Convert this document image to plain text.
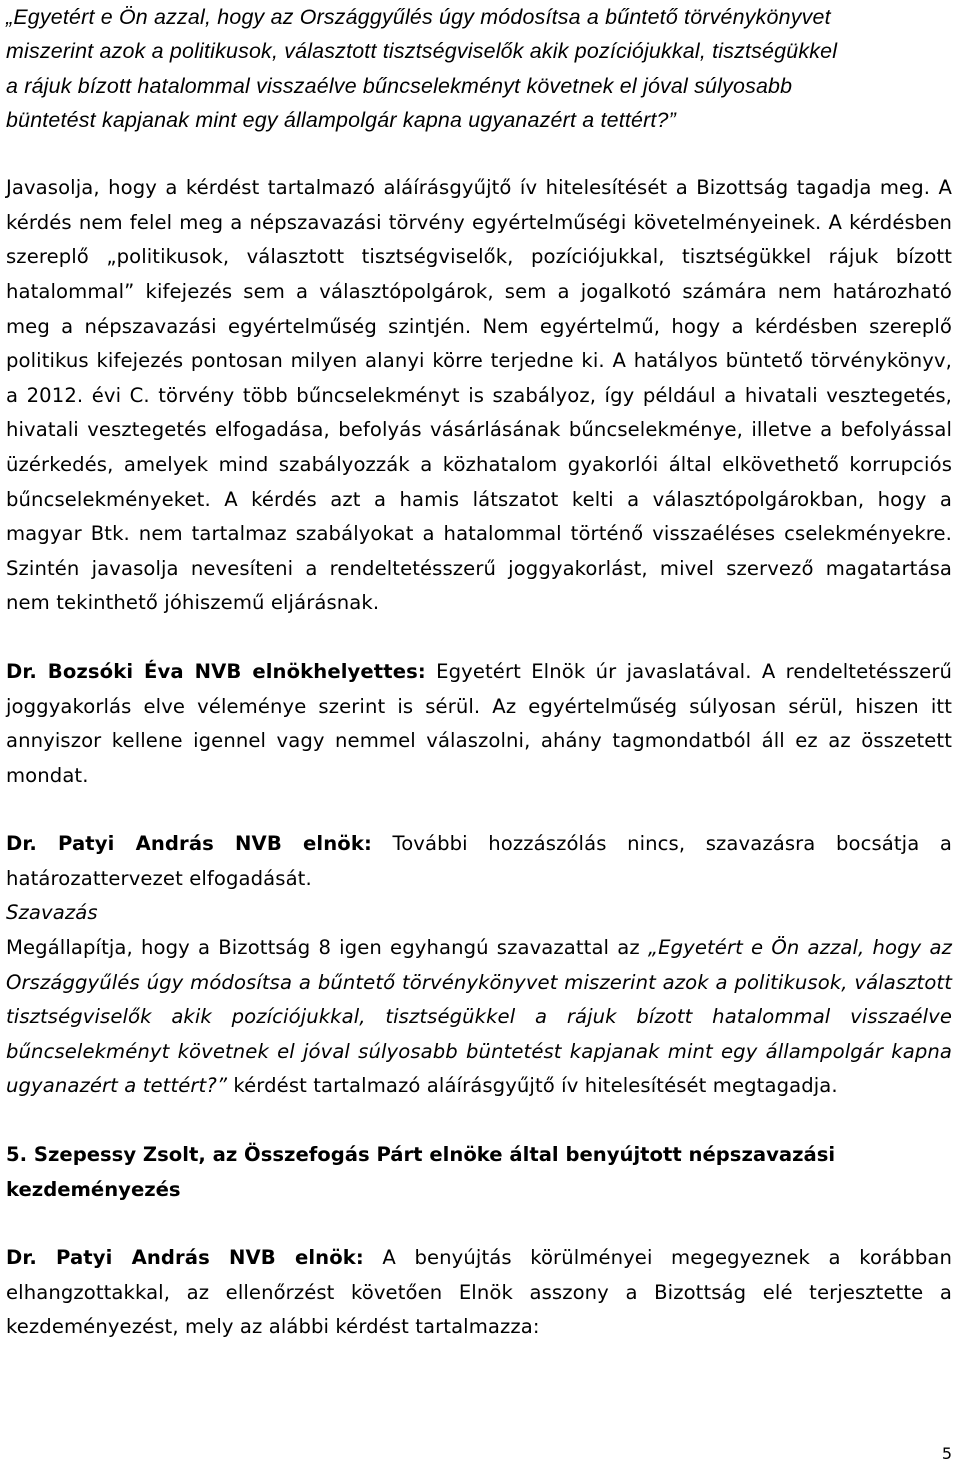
„Egyetért e Ön azzal, hogy az Országgyűlés úgy módosítsa a bűntető törvénykönyvet
miszerint azok a politikusok, választott tisztségviselők akik pozíciójukkal, tisztségükkel
a rájuk bízott hatalommal visszaélve bűncselekményt követnek el jóval súlyosabb
büntetést kapjanak mint egy állampolgár kapna ugyanazért a tettért?”

Javasolja, hogy a kérdést tartalmazó aláírásgyűjtő ív hitelesítését a Bizottság tagadja meg. A kérdés nem felel meg a népszavazási törvény egyértelműségi követelményeinek. A kérdésben szereplő „politikusok, választott tisztségviselők, pozíciójukkal, tisztségükkel rájuk bízott hatalommal” kifejezés sem a választópolgárok, sem a jogalkotó számára nem határozható meg a népszavazási egyértelműség szintjén. Nem egyértelmű, hogy a kérdésben szereplő politikus kifejezés pontosan milyen alanyi körre terjedne ki. A hatályos büntető törvénykönyv, a 2012. évi C. törvény több bűncselekményt is szabályoz, így például a hivatali vesztegetés, hivatali vesztegetés elfogadása, befolyás vásárlásának bűncselekménye, illetve a befolyással üzérkedés, amelyek mind szabályozzák a közhatalom gyakorlói által elkövethető korrupciós bűncselekményeket. A kérdés azt a hamis látszatot kelti a választópolgárokban, hogy a magyar Btk. nem tartalmaz szabályokat a hatalommal történő visszaéléses cselekményekre. Szintén javasolja nevesíteni a rendeltetésszerű joggyakorlást, mivel szervező magatartása nem tekinthető jóhiszemű eljárásnak.

Dr. Bozsóki Éva NVB elnökhelyettes: Egyetért Elnök úr javaslatával. A rendeltetésszerű joggyakorlás elve véleménye szerint is sérül. Az egyértelműség súlyosan sérül, hiszen itt annyiszor kellene igennel vagy nemmel válaszolni, ahány tagmondatból áll ez az összetett mondat.

Dr. Patyi András NVB elnök: További hozzászólás nincs, szavazásra bocsátja a határozattervezet elfogadását.

Szavazás

Megállapítja, hogy a Bizottság 8 igen egyhangú szavazattal az „Egyetért e Ön azzal, hogy az Országgyűlés úgy módosítsa a bűntető törvénykönyvet miszerint azok a politikusok, választott tisztségviselők akik pozíciójukkal, tisztségükkel a rájuk bízott hatalommal visszaélve bűncselekményt követnek el jóval súlyosabb büntetést kapjanak mint egy állampolgár kapna ugyanazért a tettért?” kérdést tartalmazó aláírásgyűjtő ív hitelesítését megtagadja.

5. Szepessy Zsolt, az Összefogás Párt elnöke által benyújtott népszavazási kezdeményezés

Dr. Patyi András NVB elnök: A benyújtás körülményei megegyeznek a korábban elhangzottakkal, az ellenőrzést követően Elnök asszony a Bizottság elé terjesztette a kezdeményezést, mely az alábbi kérdést tartalmazza:

5
